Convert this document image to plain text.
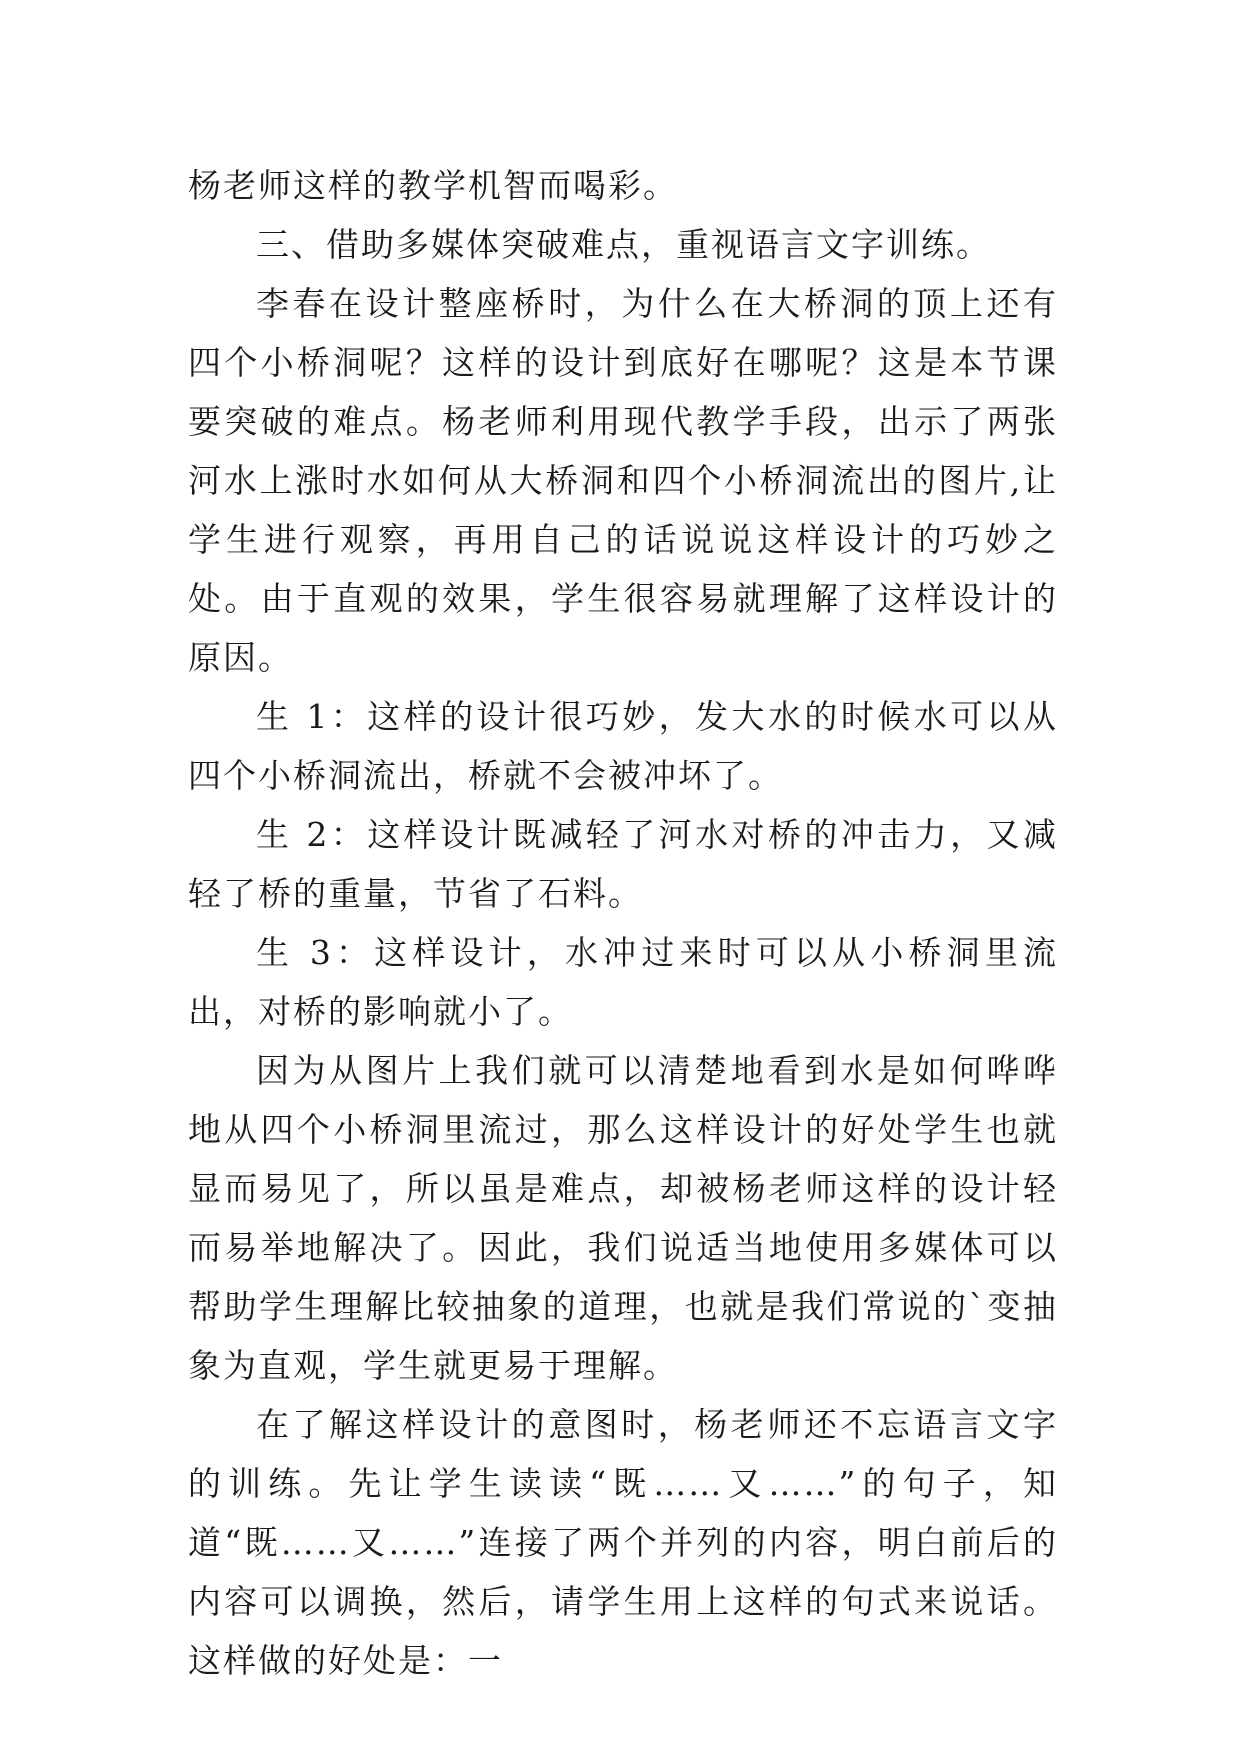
杨老师这样的教学机智而喝彩。

三、借助多媒体突破难点，重视语言文字训练。

李春在设计整座桥时，为什么在大桥洞的顶上还有四个小桥洞呢？这样的设计到底好在哪呢？这是本节课要突破的难点。杨老师利用现代教学手段，出示了两张河水上涨时水如何从大桥洞和四个小桥洞流出的图片,让学生进行观察，再用自己的话说说这样设计的巧妙之处。由于直观的效果，学生很容易就理解了这样设计的原因。

生 1：这样的设计很巧妙，发大水的时候水可以从四个小桥洞流出，桥就不会被冲坏了。

生 2：这样设计既减轻了河水对桥的冲击力，又减轻了桥的重量，节省了石料。

生 3：这样设计，水冲过来时可以从小桥洞里流出，对桥的影响就小了。

因为从图片上我们就可以清楚地看到水是如何哗哗地从四个小桥洞里流过，那么这样设计的好处学生也就显而易见了，所以虽是难点，却被杨老师这样的设计轻而易举地解决了。因此，我们说适当地使用多媒体可以帮助学生理解比较抽象的道理，也就是我们常说的`变抽象为直观，学生就更易于理解。

在了解这样设计的意图时，杨老师还不忘语言文字的训练。先让学生读读“既……又……”的句子，知道“既……又……”连接了两个并列的内容，明白前后的内容可以调换，然后，请学生用上这样的句式来说话。这样做的好处是：一
